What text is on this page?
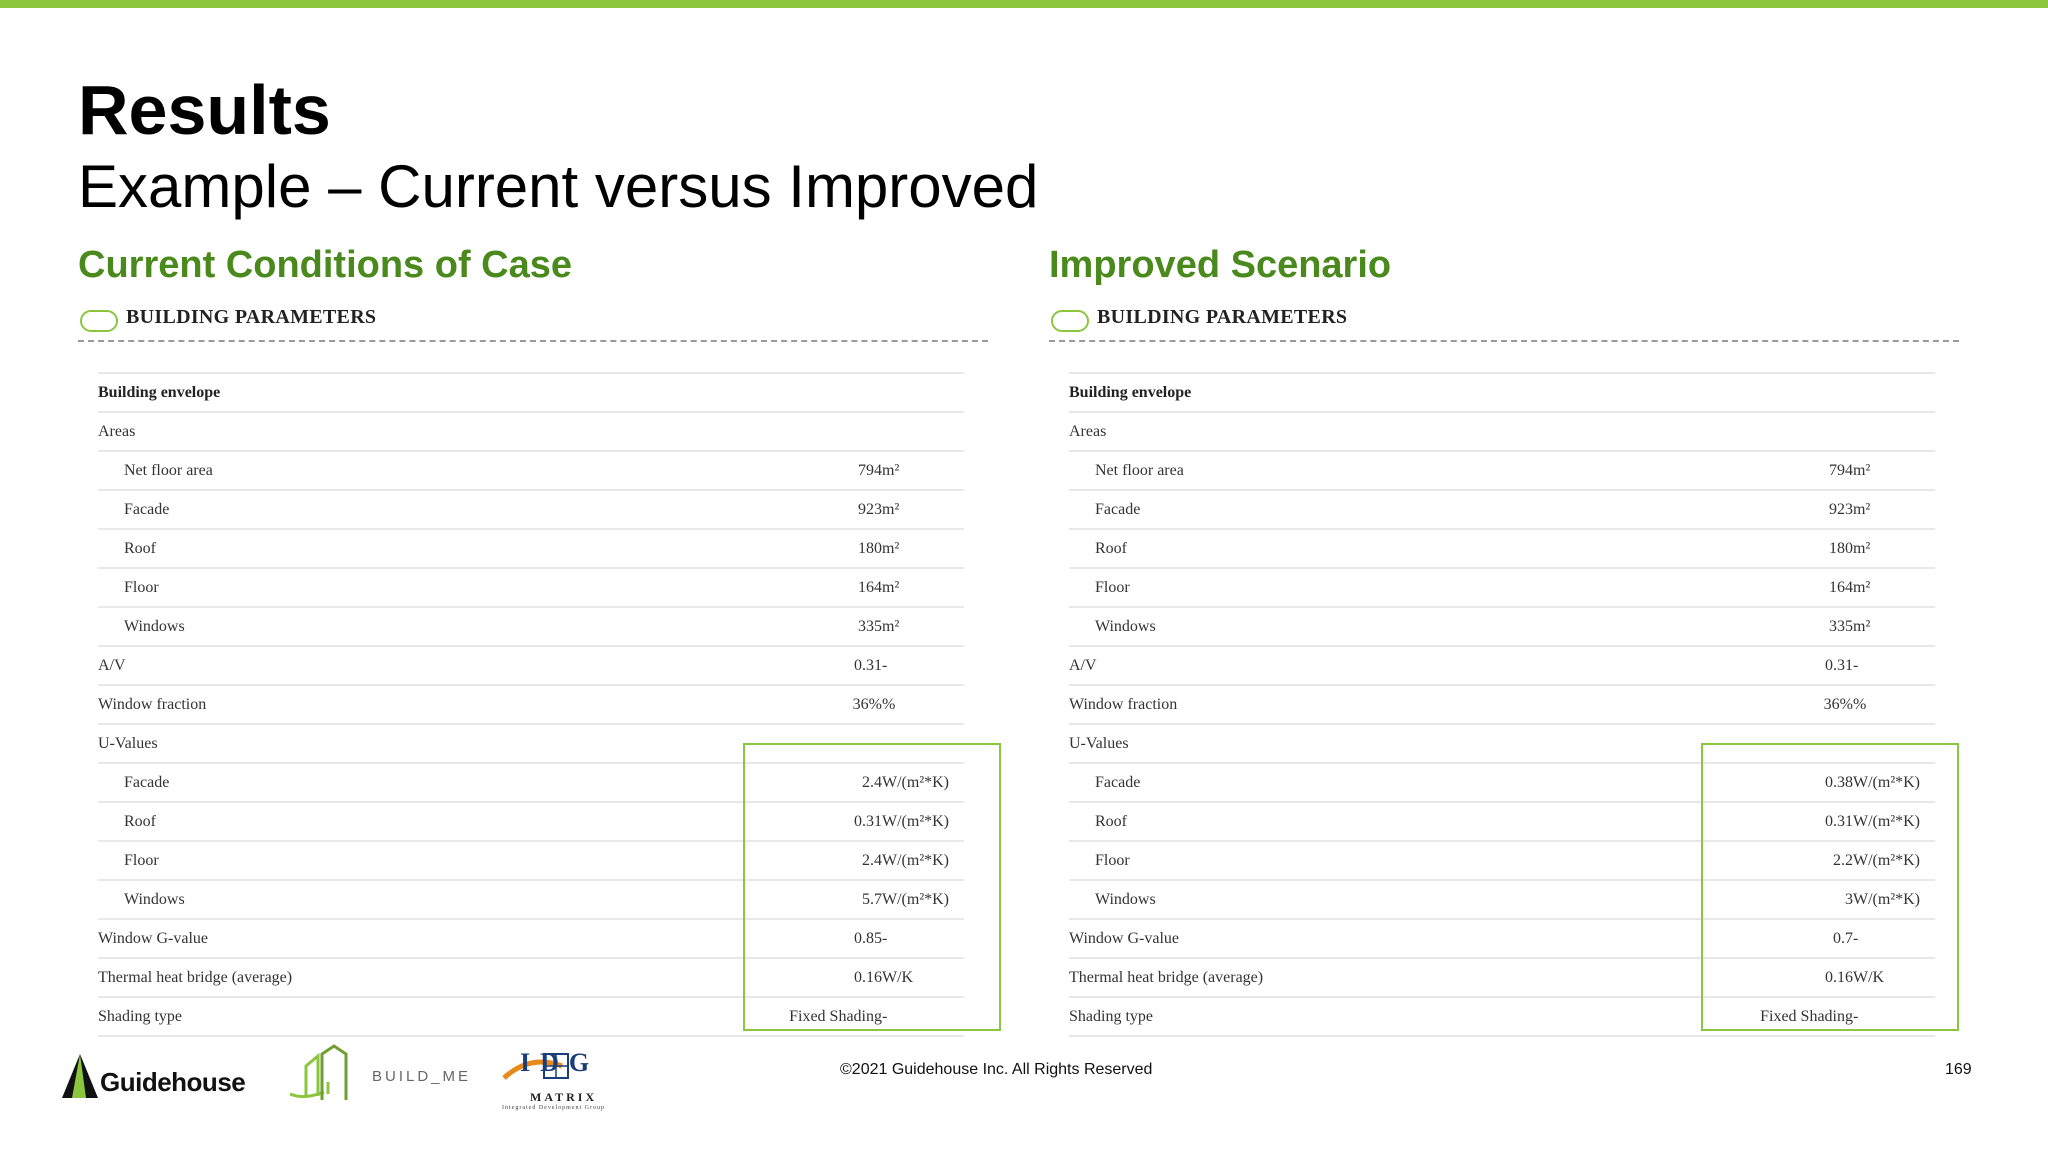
Results
Example – Current versus Improved
Current Conditions of Case	Improved Scenario
BUILDING PARAMETERS
Building envelope		
Areas		
Net floor area	794	m²
Facade	923	m²
Roof	180	m²
Floor	164	m²
Windows	335	m²
A/V	0.31	-
Window fraction	36%	%
U-Values		
Facade	2.4	W/(m²*K)
Roof	0.31	W/(m²*K)
Floor	2.4	W/(m²*K)
Windows	5.7	W/(m²*K)
Window G-value	0.85	-
Thermal heat bridge (average)	0.16	W/K
Shading type	Fixed Shading	-
BUILDING PARAMETERS
Building envelope		
Areas		
Net floor area	794	m²
Facade	923	m²
Roof	180	m²
Floor	164	m²
Windows	335	m²
A/V	0.31	-
Window fraction	36%	%
U-Values		
Facade	0.38	W/(m²*K)
Roof	0.31	W/(m²*K)
Floor	2.2	W/(m²*K)
Windows	3	W/(m²*K)
Window G-value	0.7	-
Thermal heat bridge (average)	0.16	W/K
Shading type	Fixed Shading	-
Guidehouse	BUILD_ME IDG
MATRIX
Integrated Development Group
©2021 Guidehouse Inc. All Rights Reserved	169
